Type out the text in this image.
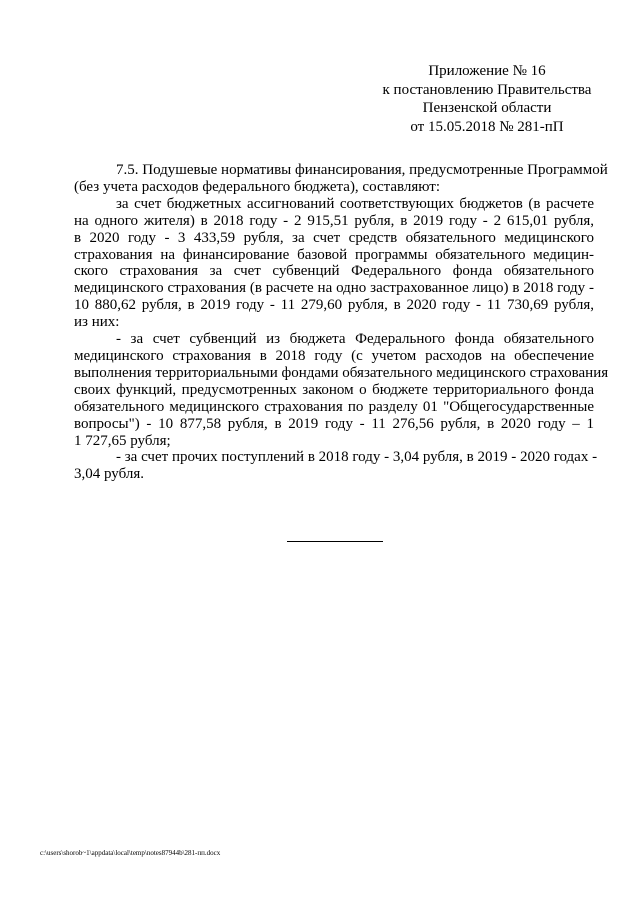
Приложение № 16
к постановлению Правительства
Пензенской области
от 15.05.2018 № 281-пП
7.5. Подушевые нормативы финансирования, предусмотренные Программой
(без учета расходов федерального бюджета), составляют:
за счет бюджетных ассигнований соответствующих бюджетов (в расчете
на одного жителя) в 2018 году - 2 915,51 рубля, в 2019 году - 2 615,01 рубля,
в 2020 году - 3 433,59 рубля, за счет средств обязательного медицинского
страхования на финансирование базовой программы обязательного медицин-
ского страхования за счет субвенций Федерального фонда обязательного
медицинского страхования (в расчете на одно застрахованное лицо) в 2018 году -
10 880,62 рубля, в 2019 году - 11 279,60 рубля, в 2020 году - 11 730,69 рубля,
из них:
- за счет субвенций из бюджета Федерального фонда обязательного
медицинского страхования в 2018 году (с учетом расходов на обеспечение
выполнения территориальными фондами обязательного медицинского страхования
своих функций, предусмотренных законом о бюджете территориального фонда
обязательного медицинского страхования по разделу 01 "Общегосударственные
вопросы") - 10 877,58 рубля, в 2019 году - 11 276,56 рубля, в 2020 году – 1
1 727,65 рубля;
- за счет прочих поступлений в 2018 году - 3,04 рубля, в 2019 - 2020 годах -
3,04 рубля.
c:\users\shorob~1\appdata\local\temp\notes87944b\281-пп.docx
